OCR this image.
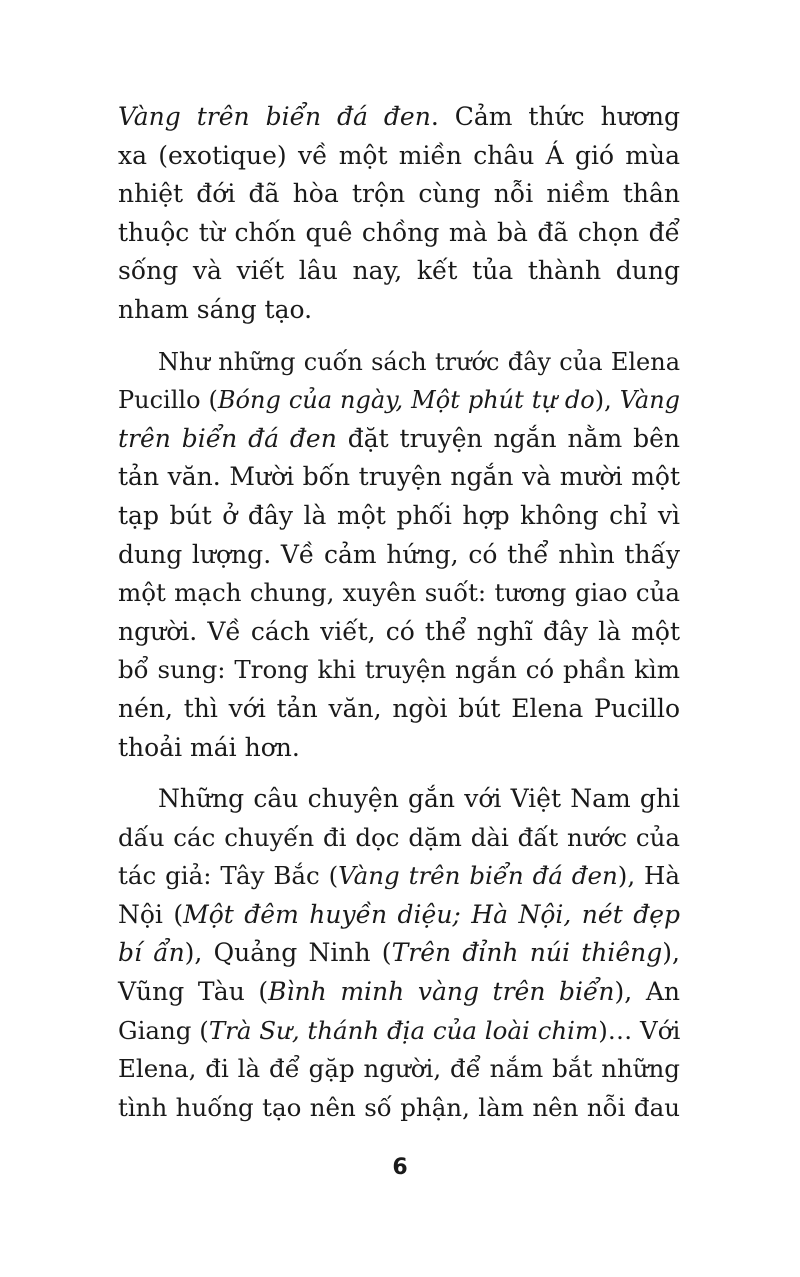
Vàng trên biển đá đen. Cảm thức hương
xa (exotique) về một miền châu Á gió mùa
nhiệt đới đã hòa trộn cùng nỗi niềm thân
thuộc từ chốn quê chồng mà bà đã chọn để
sống và viết lâu nay, kết tủa thành dung
nham sáng tạo.
Như những cuốn sách trước đây của Elena
Pucillo (Bóng của ngày, Một phút tự do), Vàng
trên biển đá đen đặt truyện ngắn nằm bên
tản văn. Mười bốn truyện ngắn và mười một
tạp bút ở đây là một phối hợp không chỉ vì
dung lượng. Về cảm hứng, có thể nhìn thấy
một mạch chung, xuyên suốt: tương giao của
người. Về cách viết, có thể nghĩ đây là một
bổ sung: Trong khi truyện ngắn có phần kìm
nén, thì với tản văn, ngòi bút Elena Pucillo
thoải mái hơn.
Những câu chuyện gắn với Việt Nam ghi
dấu các chuyến đi dọc dặm dài đất nước của
tác giả: Tây Bắc (Vàng trên biển đá đen), Hà
Nội (Một đêm huyền diệu; Hà Nội, nét đẹp
bí ẩn), Quảng Ninh (Trên đỉnh núi thiêng),
Vũng Tàu (Bình minh vàng trên biển), An
Giang (Trà Sư, thánh địa của loài chim)… Với
Elena, đi là để gặp người, để nắm bắt những
tình huống tạo nên số phận, làm nên nỗi đau
6
